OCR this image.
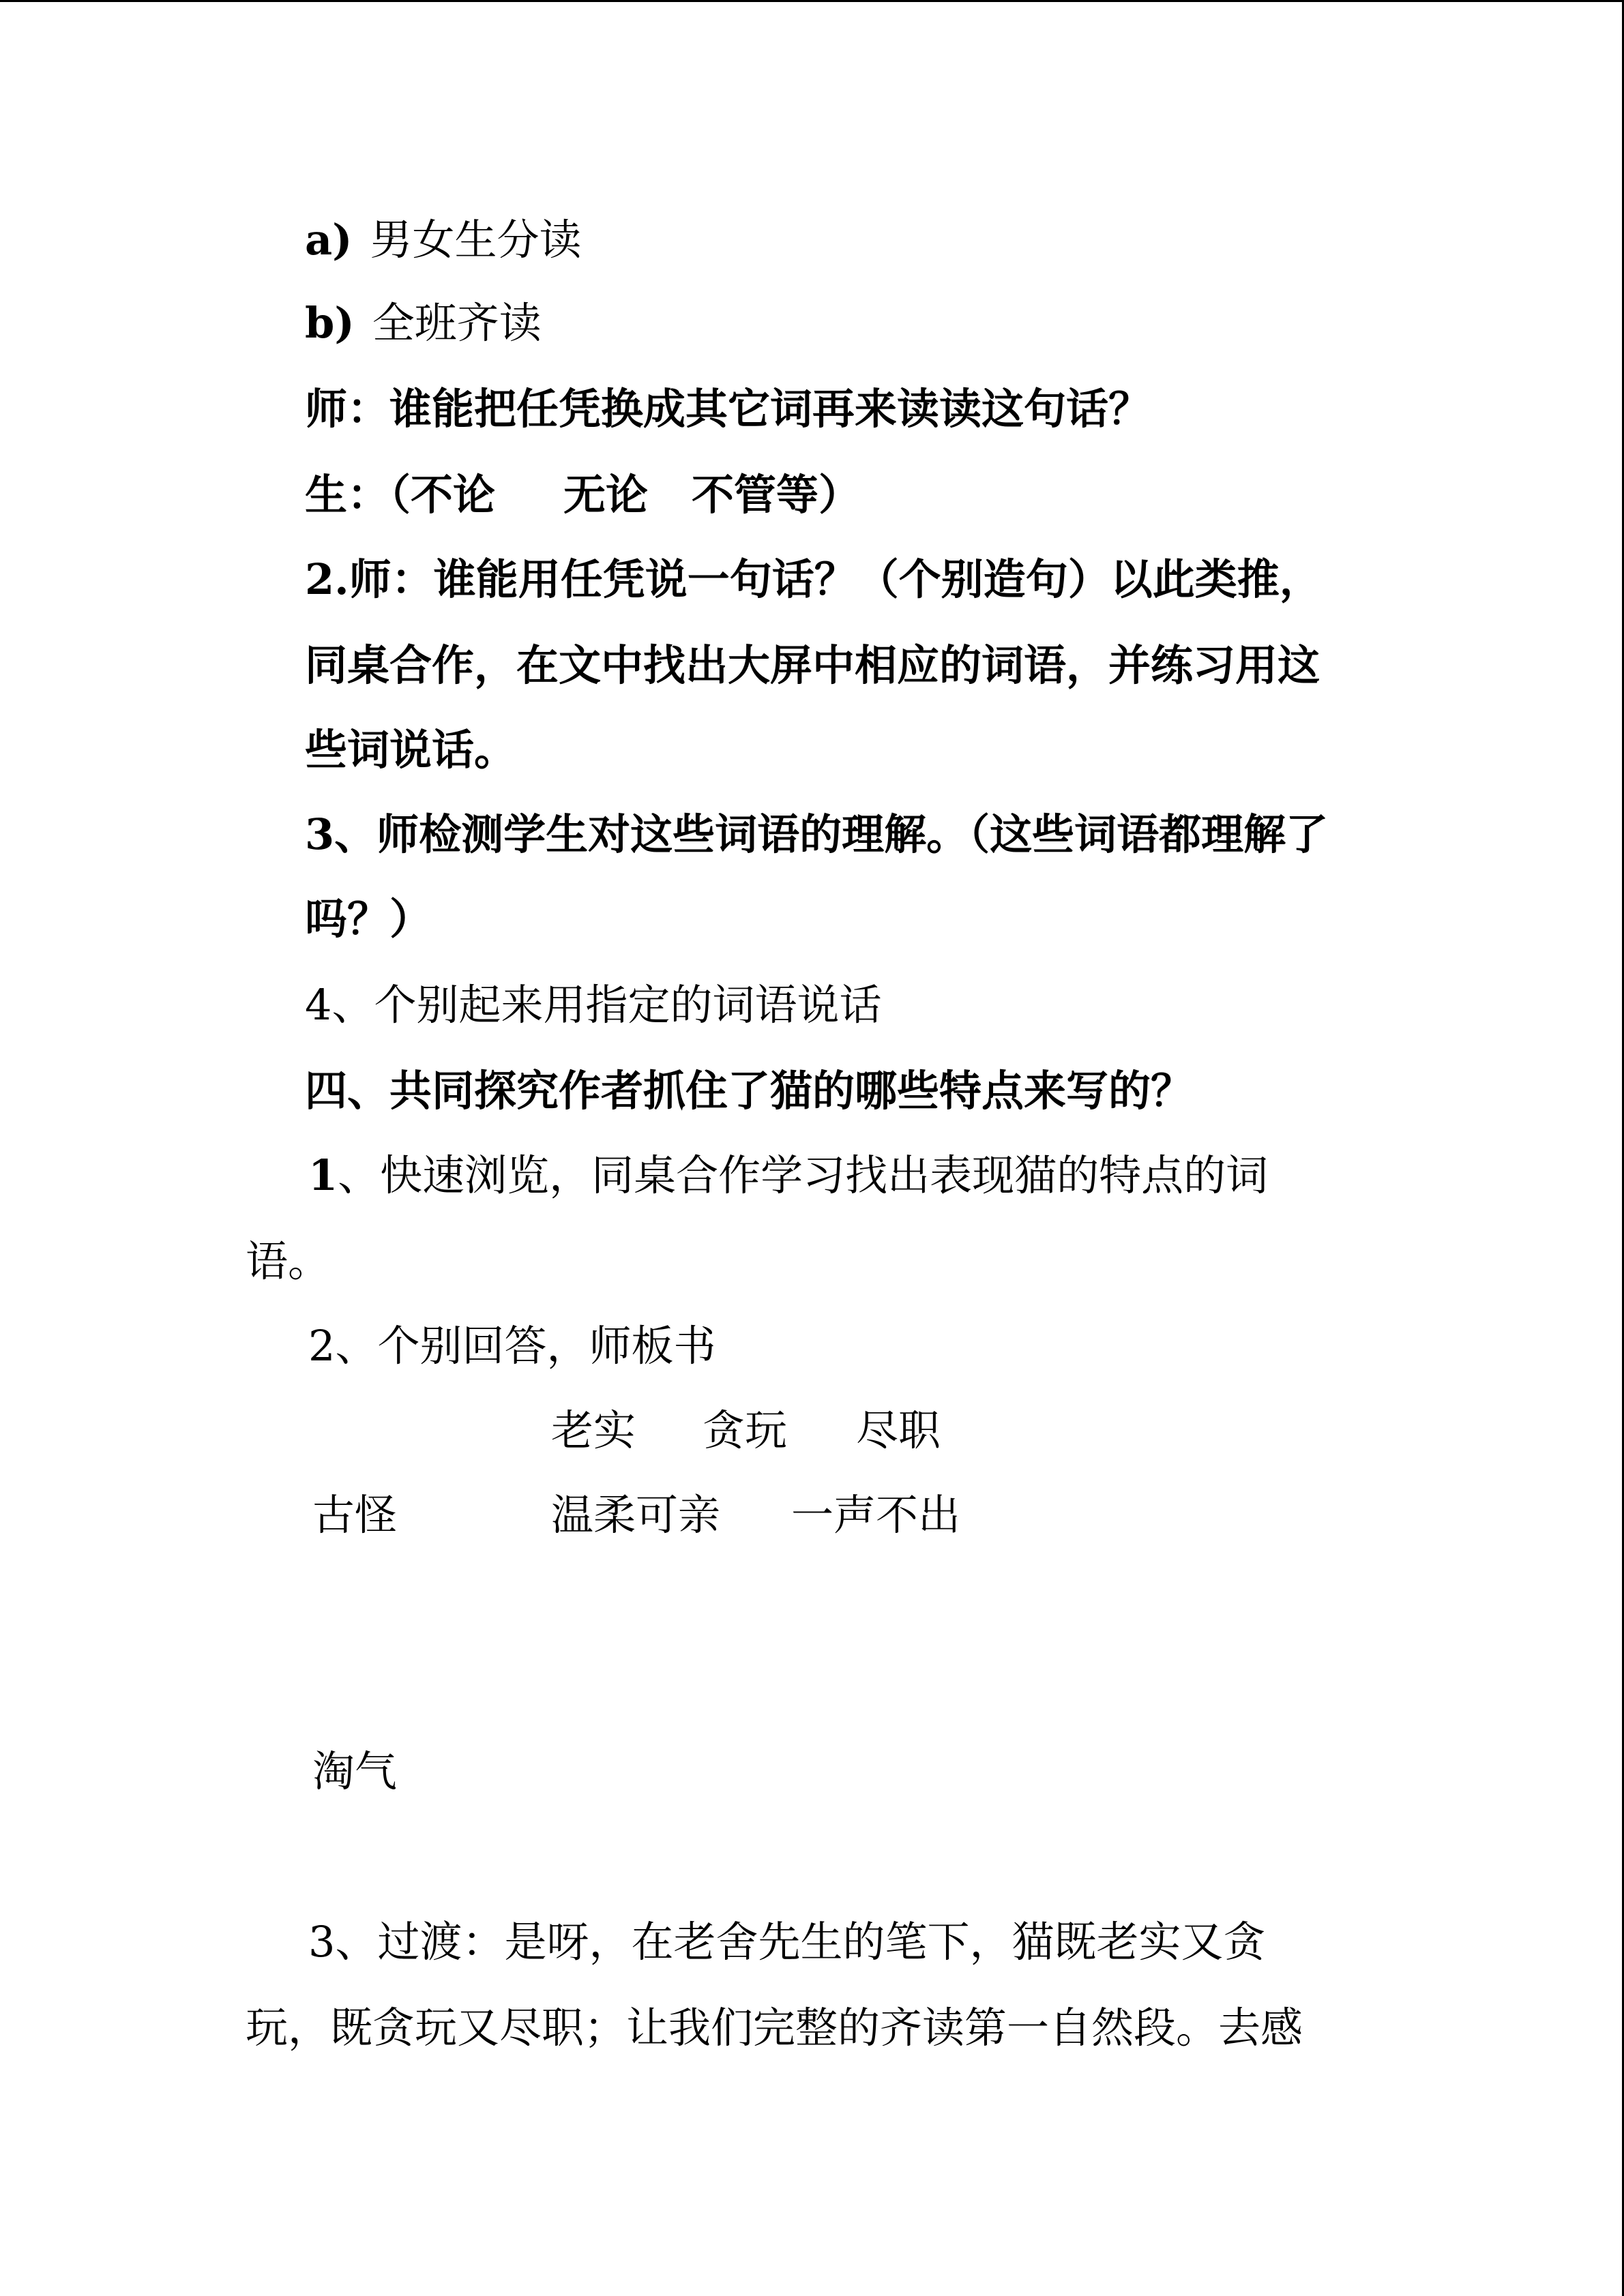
a) 男女生分读
b) 全班齐读
师：谁能把任凭换成其它词再来读读这句话？
生：（不论 无论 不管等）
2.师：谁能用任凭说一句话？（个别造句）以此类推，
同桌合作，在文中找出大屏中相应的词语，并练习用这
些词说话。
3、师检测学生对这些词语的理解。（这些词语都理解了
吗？）
4、个别起来用指定的词语说话
四、共同探究作者抓住了猫的哪些特点来写的？
1、快速浏览，同桌合作学习找出表现猫的特点的词
语。
2、个别回答，师板书
老实 贪玩 尽职
古怪	温柔可亲 一声不出
淘气
3、过渡：是呀，在老舍先生的笔下，猫既老实又贪
玩，既贪玩又尽职；让我们完整的齐读第一自然段。去感
